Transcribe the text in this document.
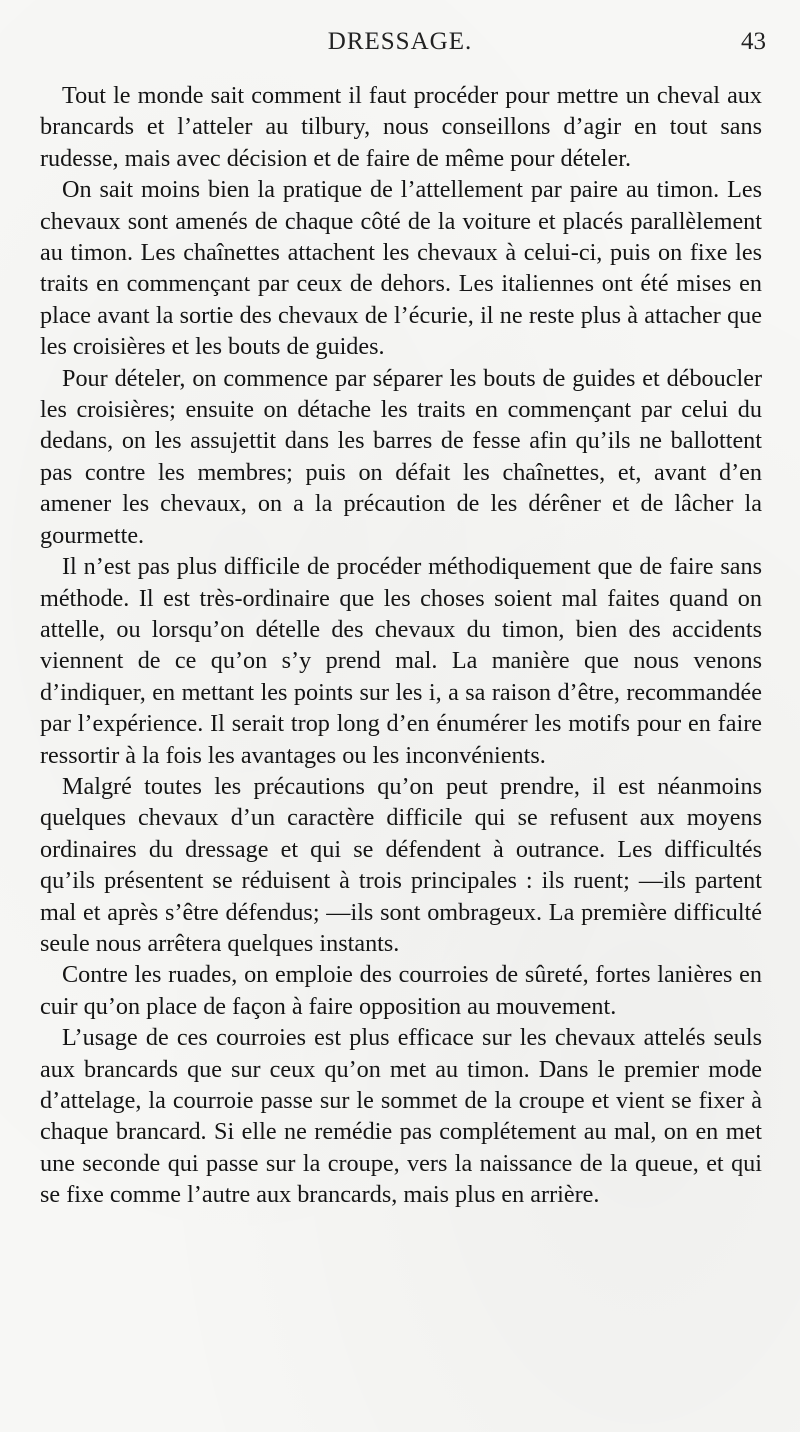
DRESSAGE.	43

Tout le monde sait comment il faut procéder pour mettre un cheval aux brancards et l’atteler au tilbury, nous conseillons d’agir en tout sans rudesse, mais avec décision et de faire de même pour dételer.

On sait moins bien la pratique de l’attellement par paire au timon. Les chevaux sont amenés de chaque côté de la voiture et placés parallèlement au timon. Les chaînettes attachent les chevaux à celui-ci, puis on fixe les traits en commençant par ceux de dehors. Les italiennes ont été mises en place avant la sortie des chevaux de l’écurie, il ne reste plus à attacher que les croisières et les bouts de guides.

Pour dételer, on commence par séparer les bouts de guides et déboucler les croisières; ensuite on détache les traits en commençant par celui du dedans, on les assujettit dans les barres de fesse afin qu’ils ne ballottent pas contre les membres; puis on défait les chaînettes, et, avant d’en amener les chevaux, on a la précaution de les dérêner et de lâcher la gourmette.

Il n’est pas plus difficile de procéder méthodiquement que de faire sans méthode. Il est très-ordinaire que les choses soient mal faites quand on attelle, ou lorsqu’on dételle des chevaux du timon, bien des accidents viennent de ce qu’on s’y prend mal. La manière que nous venons d’indiquer, en mettant les points sur les i, a sa raison d’être, recommandée par l’expérience. Il serait trop long d’en énumérer les motifs pour en faire ressortir à la fois les avantages ou les inconvénients.

Malgré toutes les précautions qu’on peut prendre, il est néanmoins quelques chevaux d’un caractère difficile qui se refusent aux moyens ordinaires du dressage et qui se défendent à outrance. Les difficultés qu’ils présentent se réduisent à trois principales : ils ruent; —ils partent mal et après s’être défendus; —ils sont ombrageux. La première difficulté seule nous arrêtera quelques instants.

Contre les ruades, on emploie des courroies de sûreté, fortes lanières en cuir qu’on place de façon à faire opposition au mouvement.

L’usage de ces courroies est plus efficace sur les chevaux attelés seuls aux brancards que sur ceux qu’on met au timon. Dans le premier mode d’attelage, la courroie passe sur le sommet de la croupe et vient se fixer à chaque brancard. Si elle ne remédie pas complétement au mal, on en met une seconde qui passe sur la croupe, vers la naissance de la queue, et qui se fixe comme l’autre aux brancards, mais plus en arrière.
